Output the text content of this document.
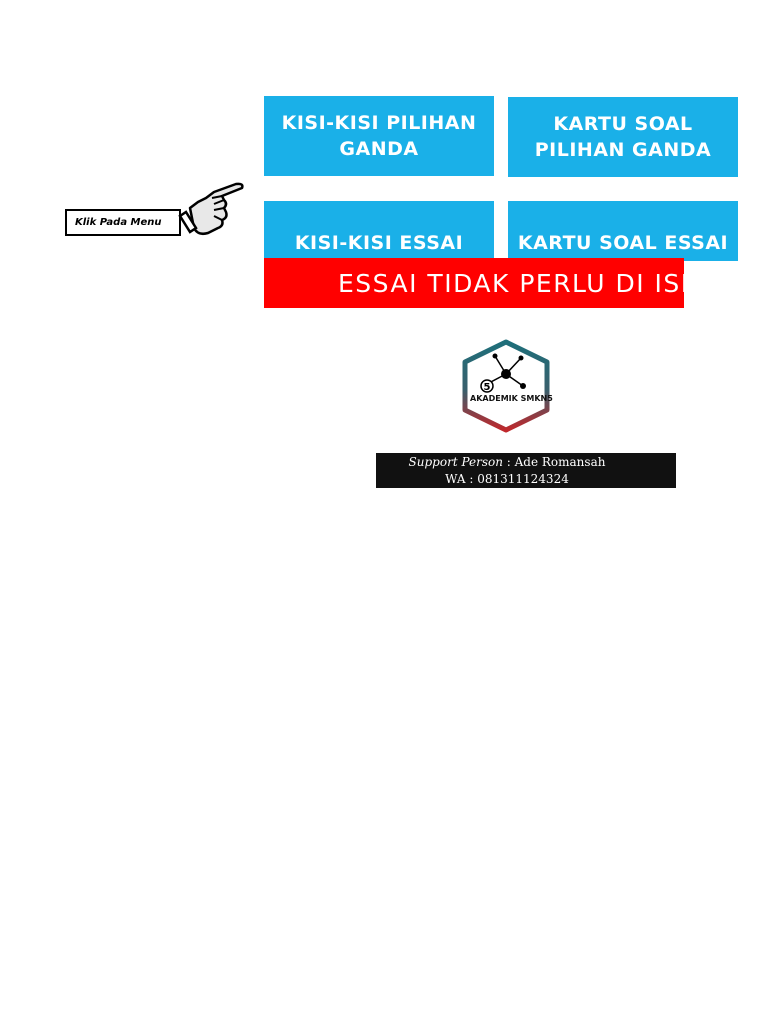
KISI-KISI PILIHAN GANDA
KARTU SOAL PILIHAN GANDA
KISI-KISI ESSAI	KARTU SOAL ESSAI
ESSAI TIDAK PERLU DI ISI
Klik Pada Menu
5
AKADEMIK SMKN5
Support Person : Ade Romansah
WA : 081311124324
